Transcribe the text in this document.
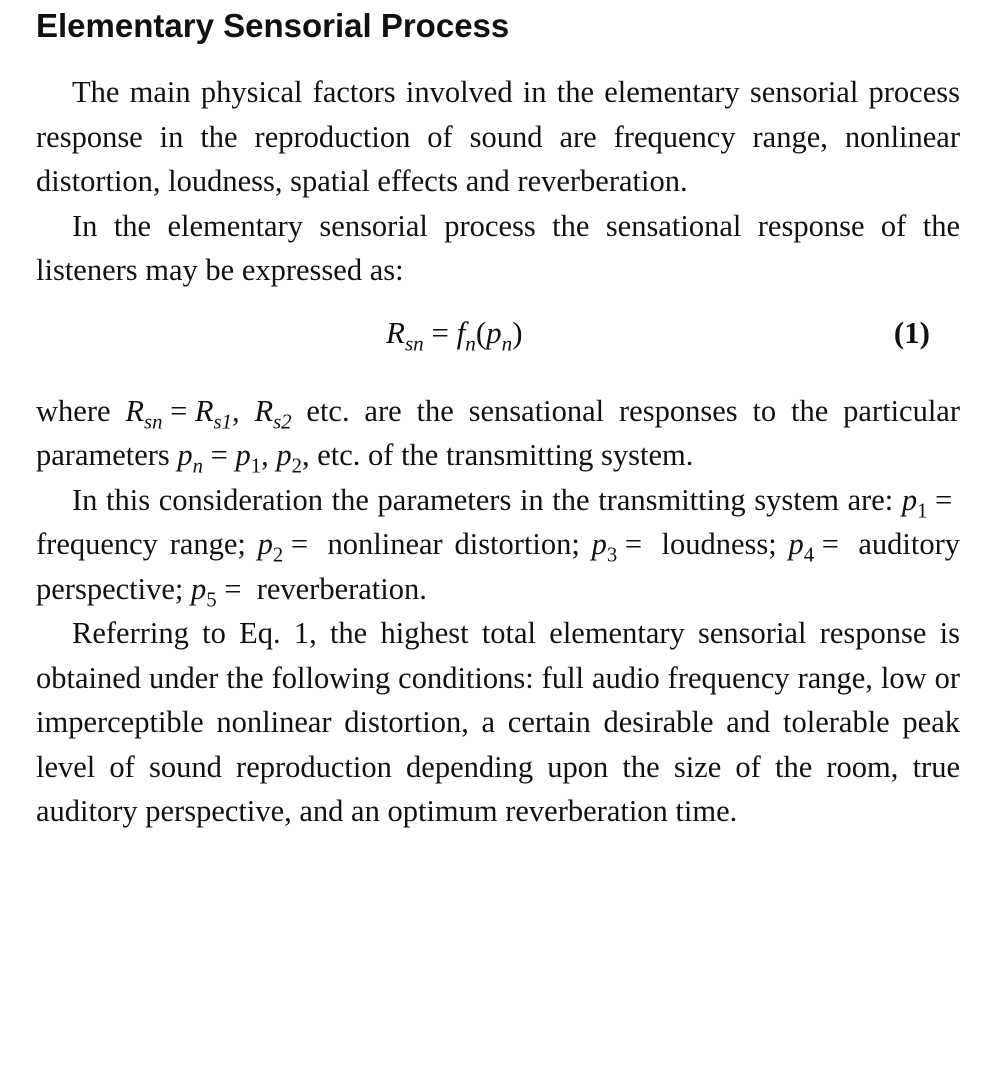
Elementary Sensorial Process

The main physical factors involved in the elementary sensorial process response in the reproduction of sound are frequency range, nonlinear distortion, loudness, spatial effects and reverberation.

In the elementary sensorial process the sensational response of the listeners may be expressed as:

$R_{sn} = f_n(p_n)$	(1)

where $R_{sn} = R_{s1}$, $R_{s2}$ etc. are the sensational responses to the particular parameters $p_n = p_1$, $p_2$, etc. of the transmitting system.

In this consideration the parameters in the transmitting system are: $p_1$ = frequency range; $p_2$ = nonlinear distortion; $p_3$ = loudness; $p_4$ = auditory perspective; $p_5$ = reverberation.

Referring to Eq. 1, the highest total elementary sensorial response is obtained under the following conditions: full audio frequency range, low or imperceptible nonlinear distortion, a certain desirable and tolerable peak level of sound reproduction depending upon the size of the room, true auditory perspective, and an optimum reverberation time.
